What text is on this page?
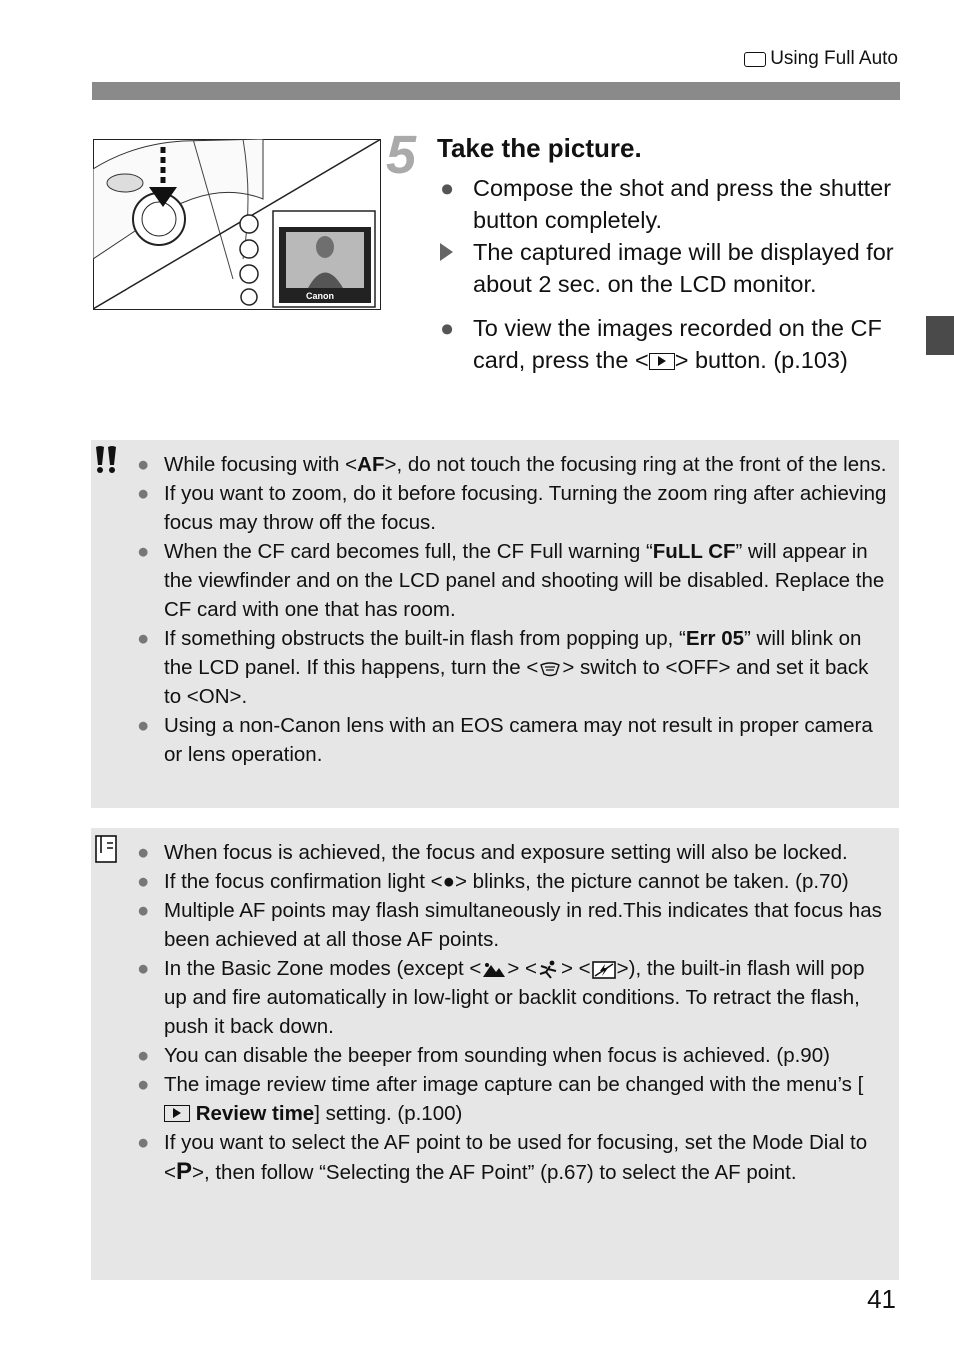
Using Full Auto
Canon
5 Take the picture.
● Compose the shot and press the shutter button completely.
The captured image will be displayed for about 2 sec. on the LCD monitor.
● To view the images recorded on the CF card, press the < > button. (p.103)
● While focusing with <AF>, do not touch the focusing ring at the front of the lens.
● If you want to zoom, do it before focusing. Turning the zoom ring after achieving focus may throw off the focus.
● When the CF card becomes full, the CF Full warning “FuLL CF” will appear in the viewfinder and on the LCD panel and shooting will be disabled. Replace the CF card with one that has room.
● If something obstructs the built-in flash from popping up, “Err 05” will blink on the LCD panel. If this happens, turn the < > switch to <OFF> and set it back to <ON>.
● Using a non-Canon lens with an EOS camera may not result in proper camera or lens operation.
● When focus is achieved, the focus and exposure setting will also be locked.
● If the focus confirmation light <●> blinks, the picture cannot be taken. (p.70)
● Multiple AF points may flash simultaneously in red.This indicates that focus has been achieved at all those AF points.
● In the Basic Zone modes (except < > < > < >), the built-in flash will pop up and fire automatically in low-light or backlit conditions. To retract the flash, push it back down.
● You can disable the beeper from sounding when focus is achieved. (p.90)
● The image review time after image capture can be changed with the menu’s [ Review time] setting. (p.100)
● If you want to select the AF point to be used for focusing, set the Mode Dial to <P>, then follow “Selecting the AF Point” (p.67) to select the AF point.
41
